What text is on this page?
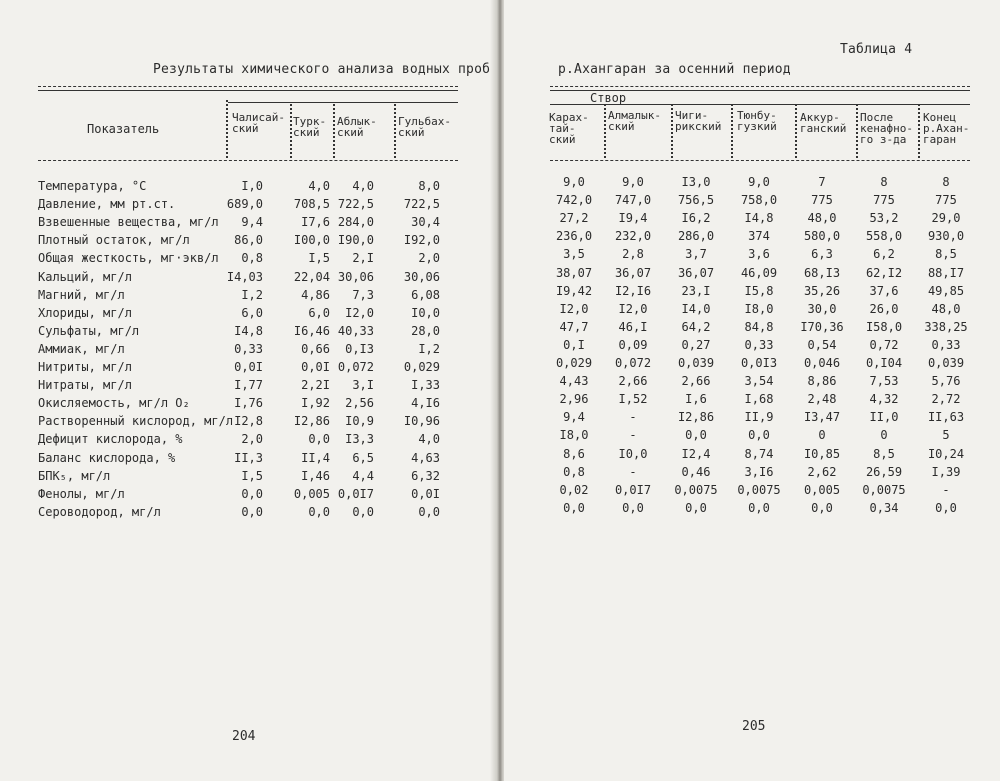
Результаты химического анализа водных проб
Показатель
Чалисай-
ский
Турк-
ский
Аблык-
ский
Гульбах-
ский
Температура, °С	I,0	4,0 4,0	8,0
Давление, мм рт.ст.	689,0	708,5 722,5 722,5
Взвешенные вещества, мг/л 9,4	I7,6 284,0	30,4
Плотный остаток, мг/л	86,0	I00,0 I90,0 I92,0
Общая жесткость, мг·экв/л 0,8	I,5 2,I	2,0
Кальций, мг/л	I4,03	22,04 30,06 30,06
Магний, мг/л	I,2	4,86 7,3	6,08
Хлориды, мг/л	6,0	6,0 I2,0	I0,0
Сульфаты, мг/л	I4,8	I6,46 40,33	28,0
Аммиак, мг/л	0,33	0,66 0,I3	I,2
Нитриты, мг/л	0,0I	0,0I 0,072 0,029
Нитраты, мг/л	I,77	2,2I 3,I	I,33
Окисляемость, мг/л O₂	I,76	I,92 2,56	4,I6
Растворенный кислород, мг/л I2,8	I2,86 I0,9 I0,96
Дефицит кислорода, %	2,0	0,0 I3,3	4,0
Баланс кислорода, %	II,3	II,4 6,5	4,63
БПК₅, мг/л	I,5	I,46 4,4	6,32
Фенолы, мг/л	0,0	0,005 0,0I7	0,0I
Сероводород, мг/л	0,0	0,0 0,0	0,0
204
Таблица 4
р.Ахангаран за осенний период
Створ
Карах-
тай-
ский
Алмалык-
ский
Чиги-
рикский
Тюнбу-
гузкий
Аккур-
ганский
После
кенафно-
го з-да
Конец
р.Ахан-
гаран
9,0	9,0	I3,0	9,0	7	8	8
742,0	747,0	756,5	758,0	775	775	775
27,2	I9,4	I6,2	I4,8	48,0	53,2	29,0
236,0	232,0	286,0	374	580,0	558,0	930,0
3,5	2,8	3,7	3,6	6,3	6,2	8,5
38,07	36,07	36,07	46,09	68,I3	62,I2	88,I7
I9,42	I2,I6	23,I	I5,8	35,26	37,6	49,85
I2,0	I2,0	I4,0	I8,0	30,0	26,0	48,0
47,7	46,I	64,2	84,8	I70,36	I58,0	338,25
0,I	0,09	0,27	0,33	0,54	0,72	0,33
0,029	0,072	0,039	0,0I3	0,046	0,I04	0,039
4,43	2,66	2,66	3,54	8,86	7,53	5,76
2,96	I,52	I,6	I,68	2,48	4,32	2,72
9,4	-	I2,86	II,9	I3,47	II,0	II,63
I8,0	-	0,0	0,0	0	0	5
8,6	I0,0	I2,4	8,74	I0,85	8,5	I0,24
0,8	-	0,46	3,I6	2,62	26,59	I,39
0,02	0,0I7	0,0075	0,0075	0,005	0,0075	-
0,0	0,0	0,0	0,0	0,0	0,34	0,0
205
